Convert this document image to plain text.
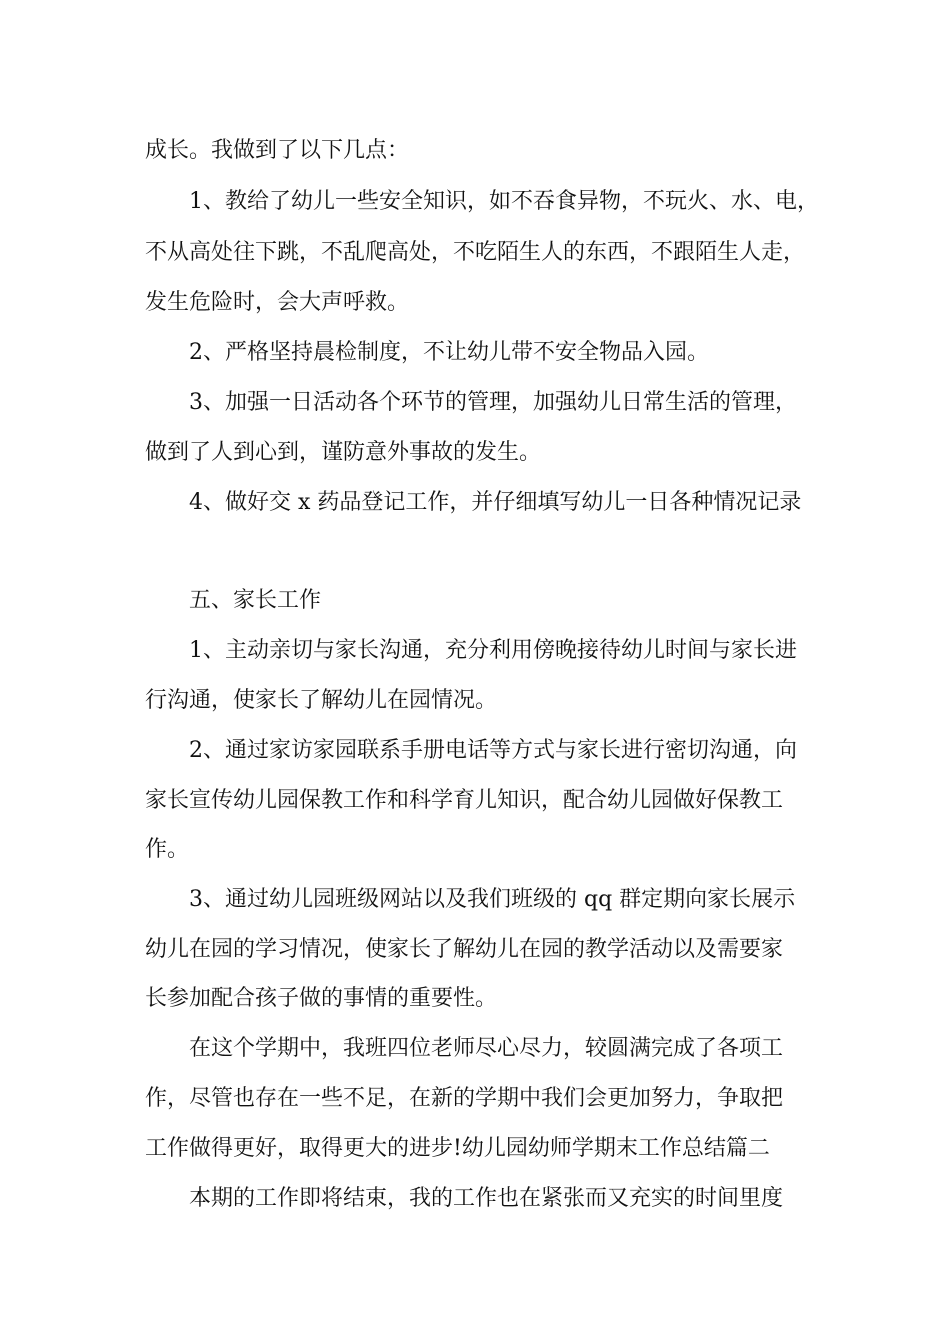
成长。我做到了以下几点：
1、教给了幼儿一些安全知识，如不吞食异物，不玩火、水、电，
不从高处往下跳，不乱爬高处，不吃陌生人的东西，不跟陌生人走，
发生危险时，会大声呼救。
2、严格坚持晨检制度，不让幼儿带不安全物品入园。
3、加强一日活动各个环节的管理，加强幼儿日常生活的管理，
做到了人到心到，谨防意外事故的发生。
4、做好交 x 药品登记工作，并仔细填写幼儿一日各种情况记录
五、家长工作
1、主动亲切与家长沟通，充分利用傍晚接待幼儿时间与家长进
行沟通，使家长了解幼儿在园情况。
2、通过家访家园联系手册电话等方式与家长进行密切沟通，向
家长宣传幼儿园保教工作和科学育儿知识，配合幼儿园做好保教工
作。
3、通过幼儿园班级网站以及我们班级的 qq 群定期向家长展示
幼儿在园的学习情况，使家长了解幼儿在园的教学活动以及需要家
长参加配合孩子做的事情的重要性。
在这个学期中，我班四位老师尽心尽力，较圆满完成了各项工
作，尽管也存在一些不足，在新的学期中我们会更加努力，争取把
工作做得更好，取得更大的进步!幼儿园幼师学期末工作总结篇二
本期的工作即将结束，我的工作也在紧张而又充实的时间里度
